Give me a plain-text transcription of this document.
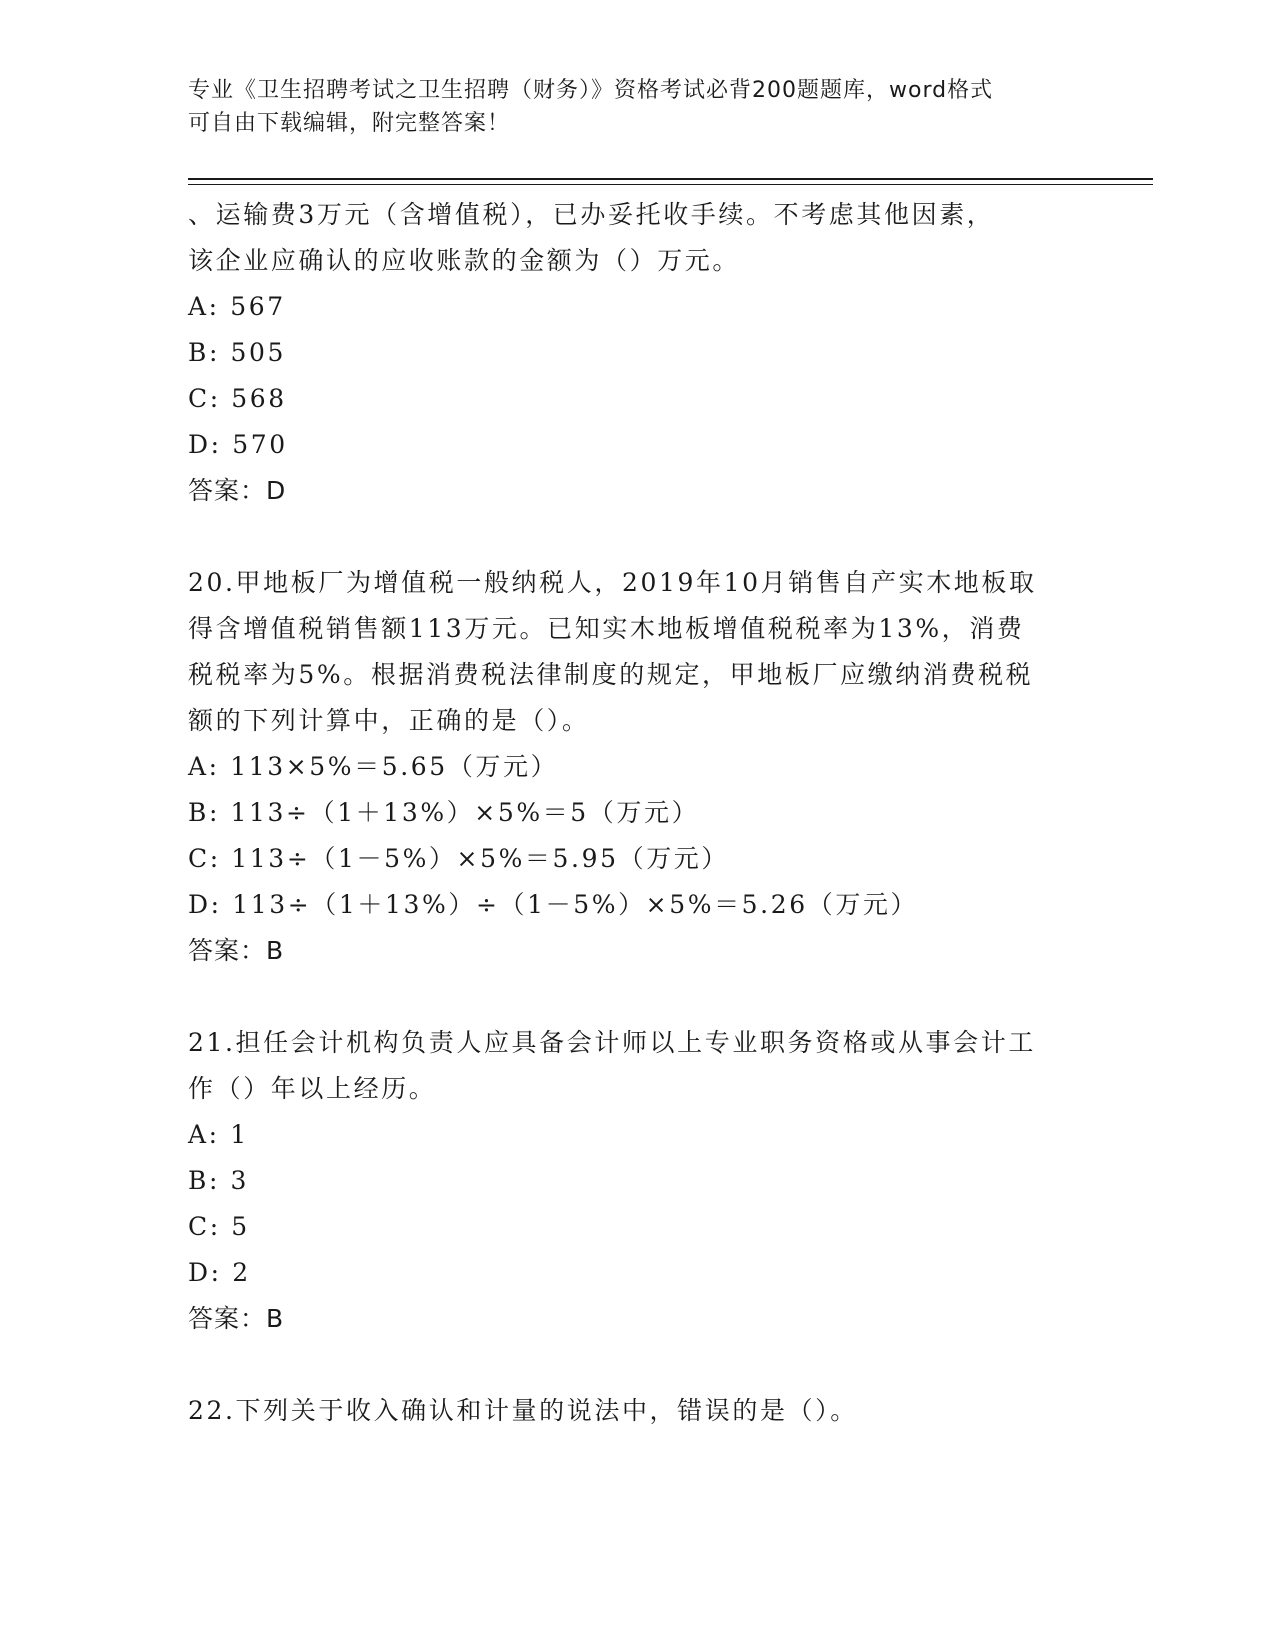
专业《卫生招聘考试之卫生招聘（财务）》资格考试必背200题题库，word格式
可自由下载编辑，附完整答案！

、运输费3万元（含增值税），已办妥托收手续。不考虑其他因素，

该企业应确认的应收账款的金额为（）万元。

A: 567

B: 505

C: 568

D: 570

答案：D

20.甲地板厂为增值税一般纳税人，2019年10月销售自产实木地板取

得含增值税销售额113万元。已知实木地板增值税税率为13%，消费

税税率为5%。根据消费税法律制度的规定，甲地板厂应缴纳消费税税

额的下列计算中，正确的是（）。

A: 113×5%＝5.65（万元）

B: 113÷（1＋13%）×5%＝5（万元）

C: 113÷（1－5%）×5%＝5.95（万元）

D: 113÷（1＋13%）÷（1－5%）×5%＝5.26（万元）

答案：B

21.担任会计机构负责人应具备会计师以上专业职务资格或从事会计工

作（）年以上经历。

A: 1

B: 3

C: 5

D: 2

答案：B

22.下列关于收入确认和计量的说法中，错误的是（）。
